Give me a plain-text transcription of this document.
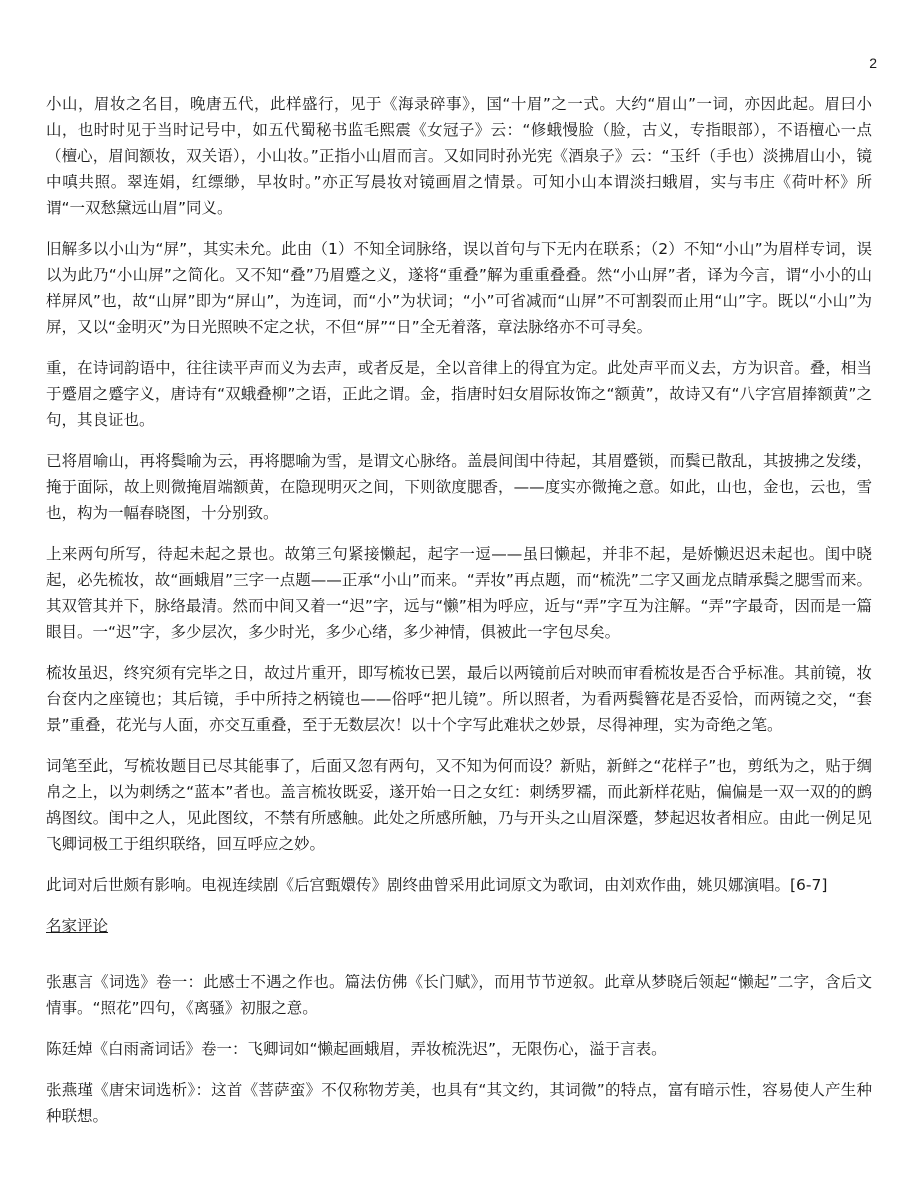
2

小山，眉妆之名目，晚唐五代，此样盛行，见于《海录碎事》，国“十眉”之一式。大约“眉山”一词，亦因此起。眉曰小山，也时时见于当时记号中，如五代蜀秘书监毛熙震《女冠子》云：“修蛾慢脸（脸，古义，专指眼部），不语檀心一点（檀心，眉间额妆，双关语），小山妆。”正指小山眉而言。又如同时孙光宪《酒泉子》云：“玉纤（手也）淡拂眉山小，镜中嗔共照。翠连娟，红缥缈，早妆时。”亦正写晨妆对镜画眉之情景。可知小山本谓淡扫蛾眉，实与韦庄《荷叶杯》所谓“一双愁黛远山眉”同义。

旧解多以小山为“屏”，其实未允。此由（1）不知全词脉络，误以首句与下无内在联系；（2）不知“小山”为眉样专词，误以为此乃“小山屏”之简化。又不知“叠”乃眉蹙之义，遂将“重叠”解为重重叠叠。然“小山屏”者，译为今言，谓“小小的山样屏风”也，故“山屏”即为“屏山”，为连词，而“小”为状词；“小”可省减而“山屏”不可割裂而止用“山”字。既以“小山”为屏，又以“金明灭”为日光照映不定之状，不但“屏”“日”全无着落，章法脉络亦不可寻矣。

重，在诗词韵语中，往往读平声而义为去声，或者反是，全以音律上的得宜为定。此处声平而义去，方为识音。叠，相当于蹙眉之蹙字义，唐诗有“双蛾叠柳”之语，正此之谓。金，指唐时妇女眉际妆饰之“额黄”，故诗又有“八字宫眉捧额黄”之句，其良证也。

已将眉喻山，再将鬓喻为云，再将腮喻为雪，是谓文心脉络。盖晨间闺中待起，其眉蹙锁，而鬓已散乱，其披拂之发缕，掩于面际，故上则微掩眉端额黄，在隐现明灭之间，下则欲度腮香，——度实亦微掩之意。如此，山也，金也，云也，雪也，构为一幅春晓图，十分别致。

上来两句所写，待起未起之景也。故第三句紧接懒起，起字一逗——虽曰懒起，并非不起，是娇懒迟迟未起也。闺中晓起，必先梳妆，故“画蛾眉”三字一点题——正承“小山”而来。“弄妆”再点题，而“梳洗”二字又画龙点睛承鬓之腮雪而来。其双管其并下，脉络最清。然而中间又着一“迟”字，远与“懒”相为呼应，近与“弄”字互为注解。“弄”字最奇，因而是一篇眼目。一“迟”字，多少层次，多少时光，多少心绪，多少神情，俱被此一字包尽矣。

梳妆虽迟，终究须有完毕之日，故过片重开，即写梳妆已罢，最后以两镜前后对映而审看梳妆是否合乎标准。其前镜，妆台奁内之座镜也；其后镜，手中所持之柄镜也——俗呼“把儿镜”。所以照者，为看两鬓簪花是否妥恰，而两镜之交，“套景”重叠，花光与人面，亦交互重叠，至于无数层次！以十个字写此难状之妙景，尽得神理，实为奇绝之笔。

词笔至此，写梳妆题目已尽其能事了，后面又忽有两句，又不知为何而设？新贴，新鲜之“花样子”也，剪纸为之，贴于绸帛之上，以为刺绣之“蓝本”者也。盖言梳妆既妥，遂开始一日之女红：刺绣罗襦，而此新样花贴，偏偏是一双一双的的鹧鸪图纹。闺中之人，见此图纹，不禁有所感触。此处之所感所触，乃与开头之山眉深蹙，梦起迟妆者相应。由此一例足见飞卿词极工于组织联络，回互呼应之妙。

此词对后世颇有影响。电视连续剧《后宫甄嬛传》剧终曲曾采用此词原文为歌词，由刘欢作曲，姚贝娜演唱。[6-7]

名家评论

张惠言《词选》卷一：此感士不遇之作也。篇法仿佛《长门赋》，而用节节逆叙。此章从梦晓后领起“懒起”二字，含后文情事。“照花”四句，《离骚》初服之意。

陈廷焯《白雨斋词话》卷一：飞卿词如“懒起画蛾眉，弄妆梳洗迟”，无限伤心，溢于言表。

张燕瑾《唐宋词选析》：这首《菩萨蛮》不仅称物芳美，也具有“其文约，其词微”的特点，富有暗示性，容易使人产生种种联想。
